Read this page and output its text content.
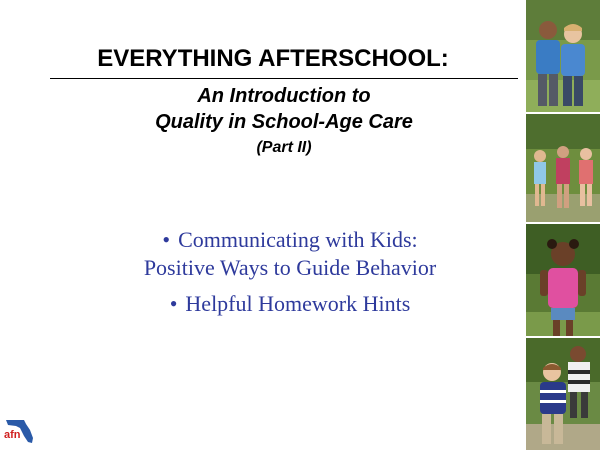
EVERYTHING AFTERSCHOOL:
An Introduction to
Quality in School-Age Care
(Part II)
• Communicating with Kids:
Positive Ways to Guide Behavior
• Helpful Homework Hints
afn
